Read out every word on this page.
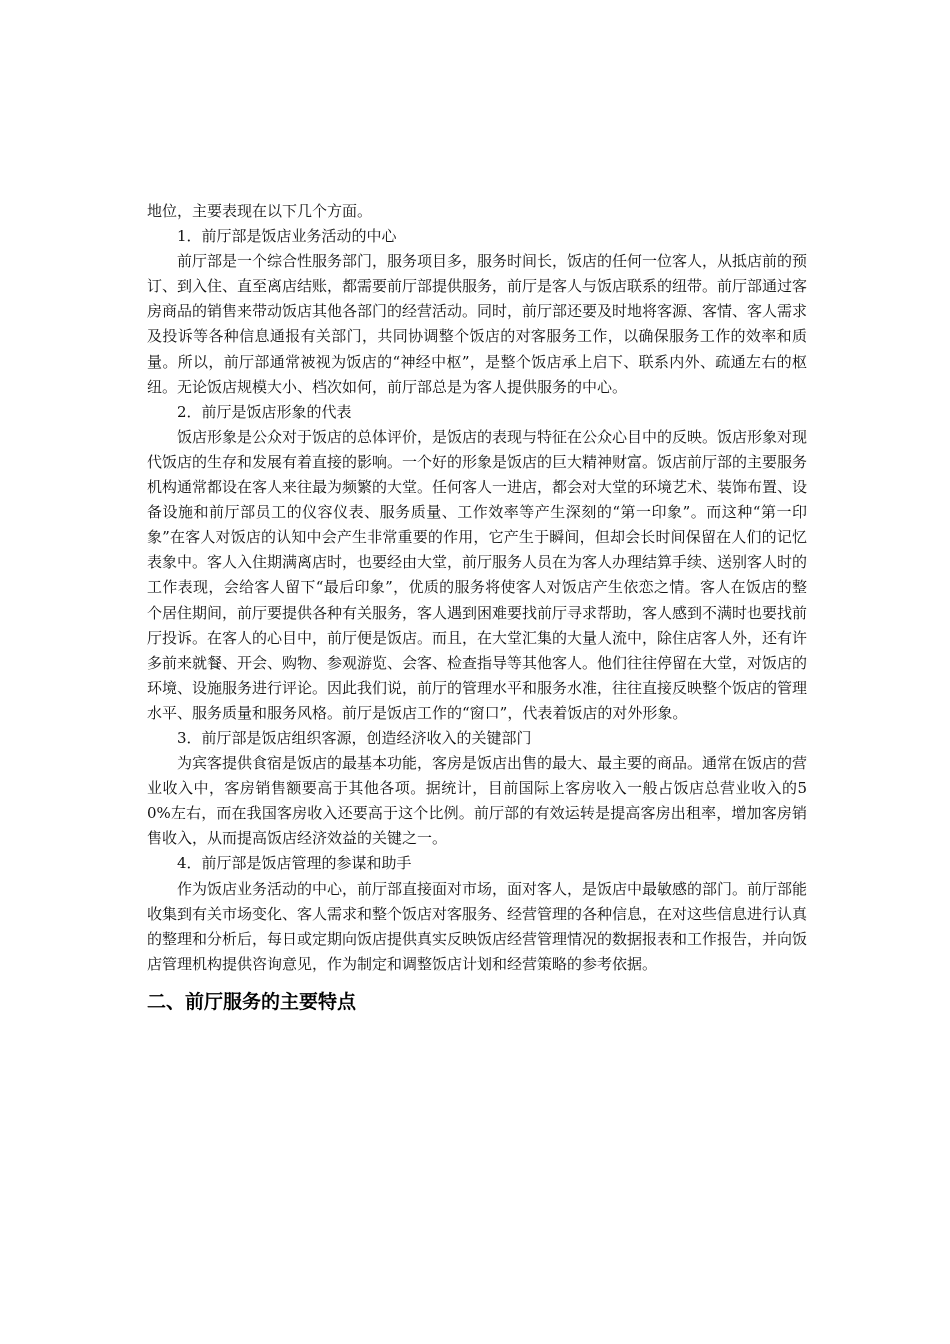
地位，主要表现在以下几个方面。

1．前厅部是饭店业务活动的中心

前厅部是一个综合性服务部门，服务项目多，服务时间长，饭店的任何一位客人，从抵店前的预订、到入住、直至离店结账，都需要前厅部提供服务，前厅是客人与饭店联系的纽带。前厅部通过客房商品的销售来带动饭店其他各部门的经营活动。同时，前厅部还要及时地将客源、客情、客人需求及投诉等各种信息通报有关部门，共同协调整个饭店的对客服务工作，以确保服务工作的效率和质量。所以，前厅部通常被视为饭店的“神经中枢”，是整个饭店承上启下、联系内外、疏通左右的枢纽。无论饭店规模大小、档次如何，前厅部总是为客人提供服务的中心。

2．前厅是饭店形象的代表

饭店形象是公众对于饭店的总体评价，是饭店的表现与特征在公众心目中的反映。饭店形象对现代饭店的生存和发展有着直接的影响。一个好的形象是饭店的巨大精神财富。饭店前厅部的主要服务机构通常都设在客人来往最为频繁的大堂。任何客人一进店，都会对大堂的环境艺术、装饰布置、设备设施和前厅部员工的仪容仪表、服务质量、工作效率等产生深刻的“第一印象”。而这种“第一印象”在客人对饭店的认知中会产生非常重要的作用，它产生于瞬间，但却会长时间保留在人们的记忆表象中。客人入住期满离店时，也要经由大堂，前厅服务人员在为客人办理结算手续、送别客人时的工作表现，会给客人留下“最后印象”，优质的服务将使客人对饭店产生依恋之情。客人在饭店的整个居住期间，前厅要提供各种有关服务，客人遇到困难要找前厅寻求帮助，客人感到不满时也要找前厅投诉。在客人的心目中，前厅便是饭店。而且，在大堂汇集的大量人流中，除住店客人外，还有许多前来就餐、开会、购物、参观游览、会客、检查指导等其他客人。他们往往停留在大堂，对饭店的环境、设施服务进行评论。因此我们说，前厅的管理水平和服务水准，往往直接反映整个饭店的管理水平、服务质量和服务风格。前厅是饭店工作的“窗口”，代表着饭店的对外形象。

3．前厅部是饭店组织客源，创造经济收入的关键部门

为宾客提供食宿是饭店的最基本功能，客房是饭店出售的最大、最主要的商品。通常在饭店的营业收入中，客房销售额要高于其他各项。据统计，目前国际上客房收入一般占饭店总营业收入的50%左右，而在我国客房收入还要高于这个比例。前厅部的有效运转是提高客房出租率，增加客房销售收入，从而提高饭店经济效益的关键之一。

4．前厅部是饭店管理的参谋和助手

作为饭店业务活动的中心，前厅部直接面对市场，面对客人，是饭店中最敏感的部门。前厅部能收集到有关市场变化、客人需求和整个饭店对客服务、经营管理的各种信息，在对这些信息进行认真的整理和分析后，每日或定期向饭店提供真实反映饭店经营管理情况的数据报表和工作报告，并向饭店管理机构提供咨询意见，作为制定和调整饭店计划和经营策略的参考依据。

二、前厅服务的主要特点
